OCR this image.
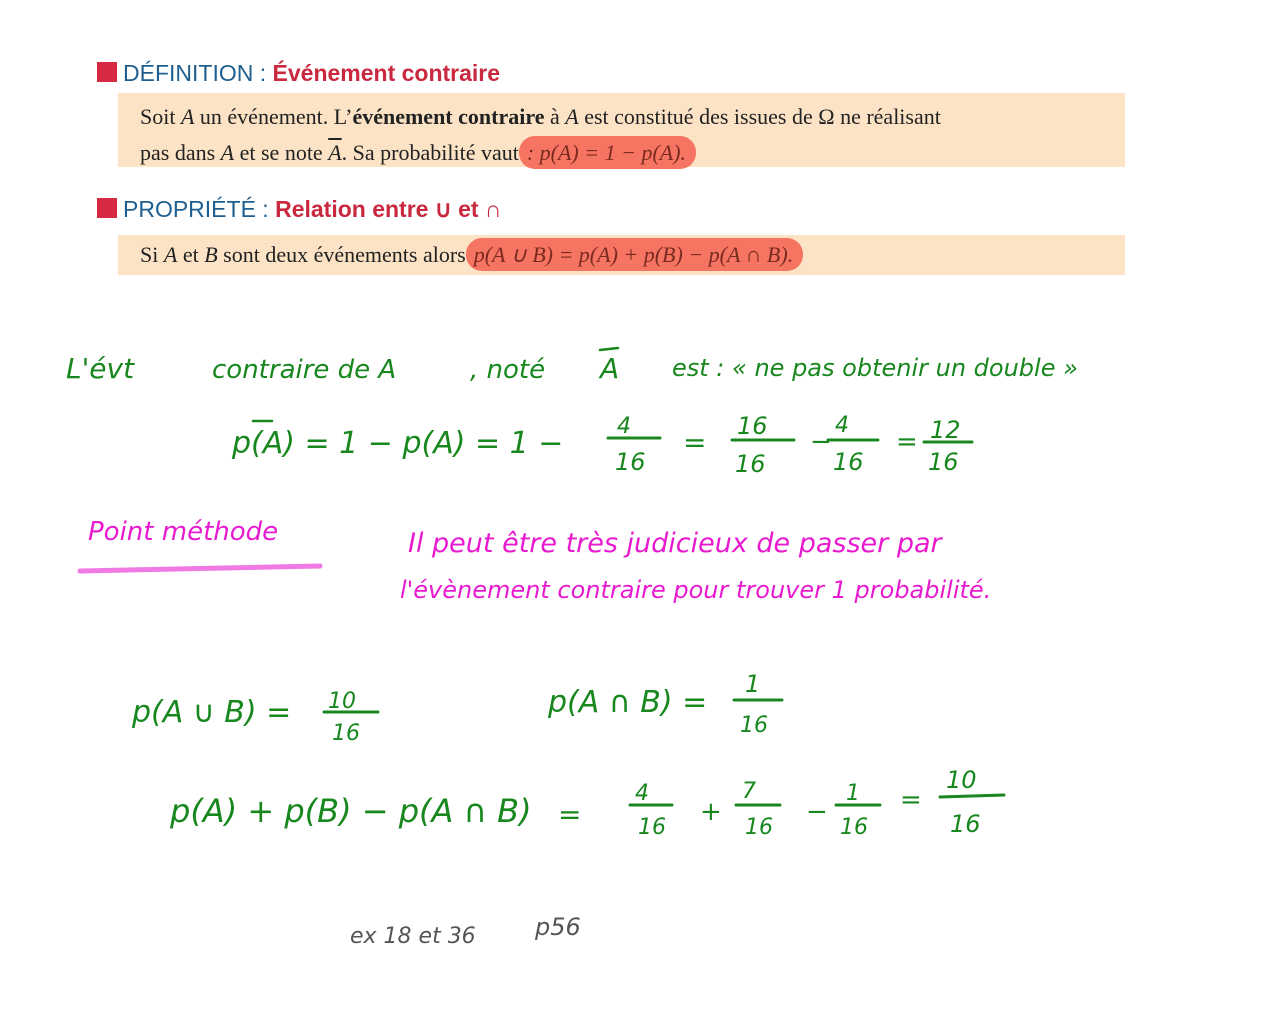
DÉFINITION : Événement contraire
Soit A un événement. L’événement contraire à A est constitué des issues de Ω ne réalisant
pas dans A et se note $\overline{A}$. Sa probabilité vaut : p(A) = 1 − p(A).
PROPRIÉTÉ : Relation entre ∪ et ∩
Si A et B sont deux événements alors p(A ∪ B) = p(A) + p(B) − p(A ∩ B).
L'évt	contraire de A	, noté A est : « ne pas obtenir un double »
p(A) = 1 − p(A) = 1 − 4
16
= 16
16
−
4
16
= 12
16
Point méthode	Il peut être très judicieux de passer par
l'évènement contraire pour trouver 1 probabilité.
p(A ∪ B) = 10
16
p(A ∩ B) =
1
16
p(A) + p(B) − p(A ∩ B) =
4
16
+
7
16
−
1
16
=
10
16
ex 18 et 36 p56
